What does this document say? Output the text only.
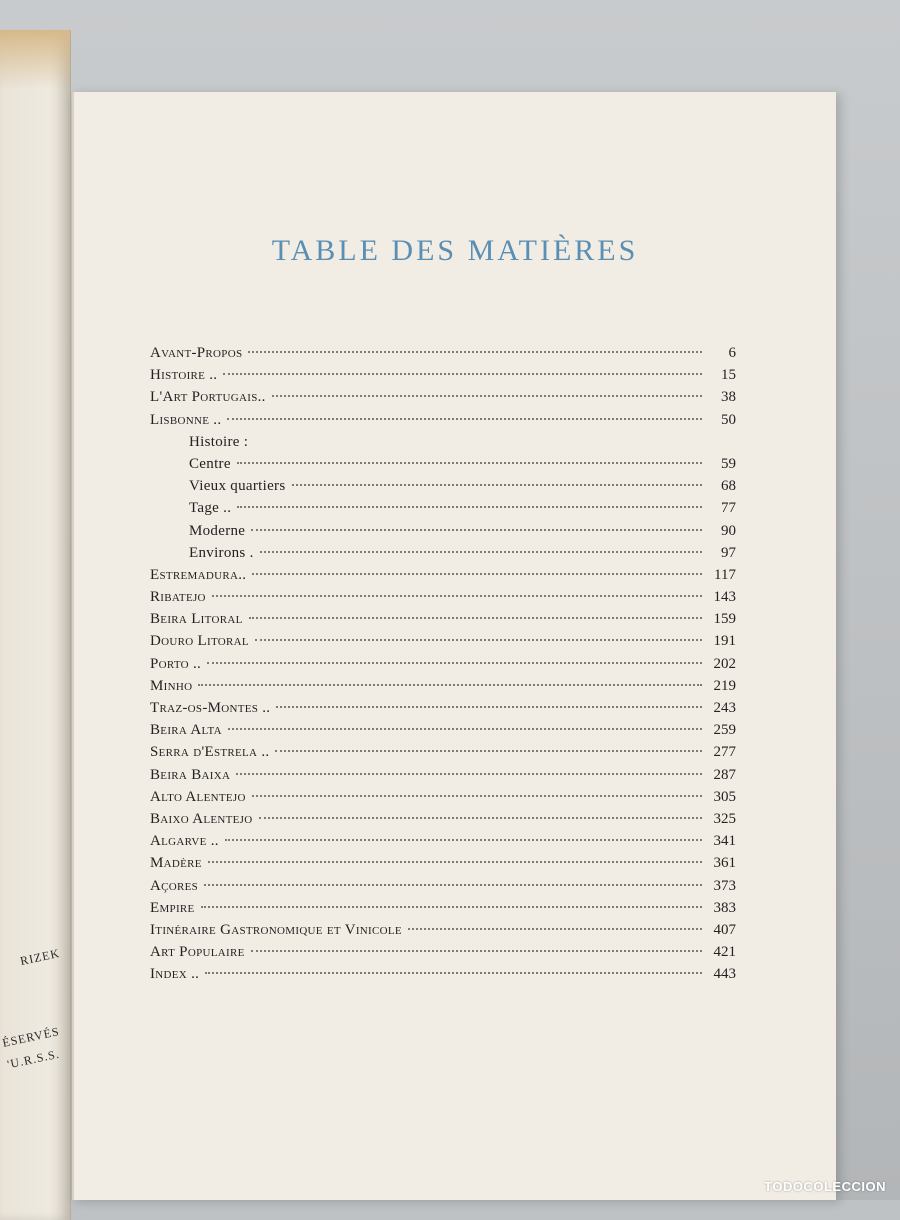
RIZEK
ÉSERVÉS
'U.R.S.S.
TABLE DES MATIÈRES
Avant-Propos	6
Histoire ..	15
L'Art Portugais..	38
Lisbonne ..	50
Histoire :
Centre	59
Vieux quartiers	68
Tage ..	77
Moderne	90
Environs .	97
Estremadura..	117
Ribatejo	143
Beira Litoral	159
Douro Litoral	191
Porto ..	202
Minho	219
Traz-os-Montes ..	243
Beira Alta	259
Serra d'Estrela ..	277
Beira Baixa	287
Alto Alentejo	305
Baixo Alentejo	325
Algarve ..	341
Madère	361
Açores	373
Empire	383
Itinéraire Gastronomique et Vinicole	407
Art Populaire	421
Index ..	443
TODOCOLECCION
